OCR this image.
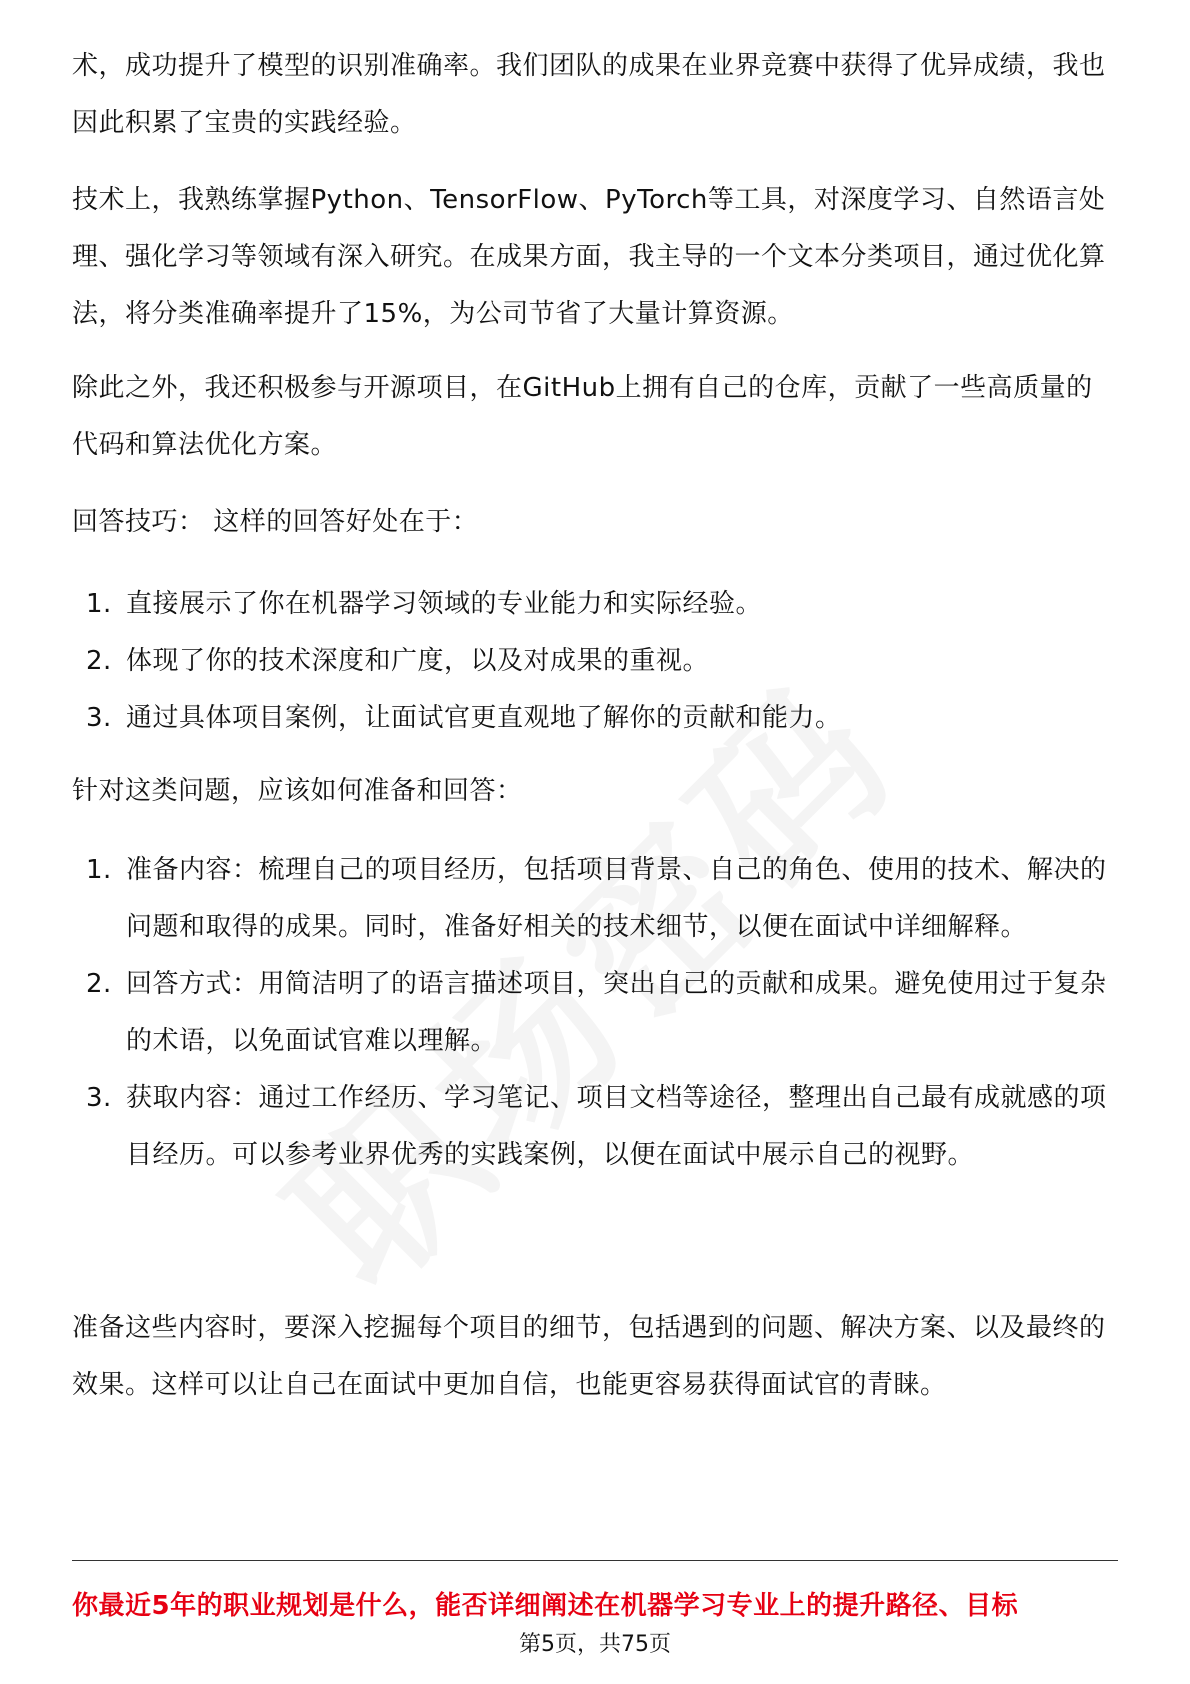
术，成功提升了模型的识别准确率。我们团队的成果在业界竞赛中获得了优异成绩，我也因此积累了宝贵的实践经验。

技术上，我熟练掌握Python、TensorFlow、PyTorch等工具，对深度学习、自然语言处理、强化学习等领域有深入研究。在成果方面，我主导的一个文本分类项目，通过优化算法，将分类准确率提升了15%，为公司节省了大量计算资源。

除此之外，我还积极参与开源项目，在GitHub上拥有自己的仓库，贡献了一些高质量的代码和算法优化方案。

回答技巧： 这样的回答好处在于：

1. 直接展示了你在机器学习领域的专业能力和实际经验。
2. 体现了你的技术深度和广度，以及对成果的重视。
3. 通过具体项目案例，让面试官更直观地了解你的贡献和能力。

针对这类问题，应该如何准备和回答：

1. 准备内容：梳理自己的项目经历，包括项目背景、自己的角色、使用的技术、解决的问题和取得的成果。同时，准备好相关的技术细节，以便在面试中详细解释。
2. 回答方式：用简洁明了的语言描述项目，突出自己的贡献和成果。避免使用过于复杂的术语，以免面试官难以理解。
3. 获取内容：通过工作经历、学习笔记、项目文档等途径，整理出自己最有成就感的项目经历。可以参考业界优秀的实践案例，以便在面试中展示自己的视野。

准备这些内容时，要深入挖掘每个项目的细节，包括遇到的问题、解决方案、以及最终的效果。这样可以让自己在面试中更加自信，也能更容易获得面试官的青睐。

你最近5年的职业规划是什么，能否详细阐述在机器学习专业上的提升路径、目标
第5页，共75页
